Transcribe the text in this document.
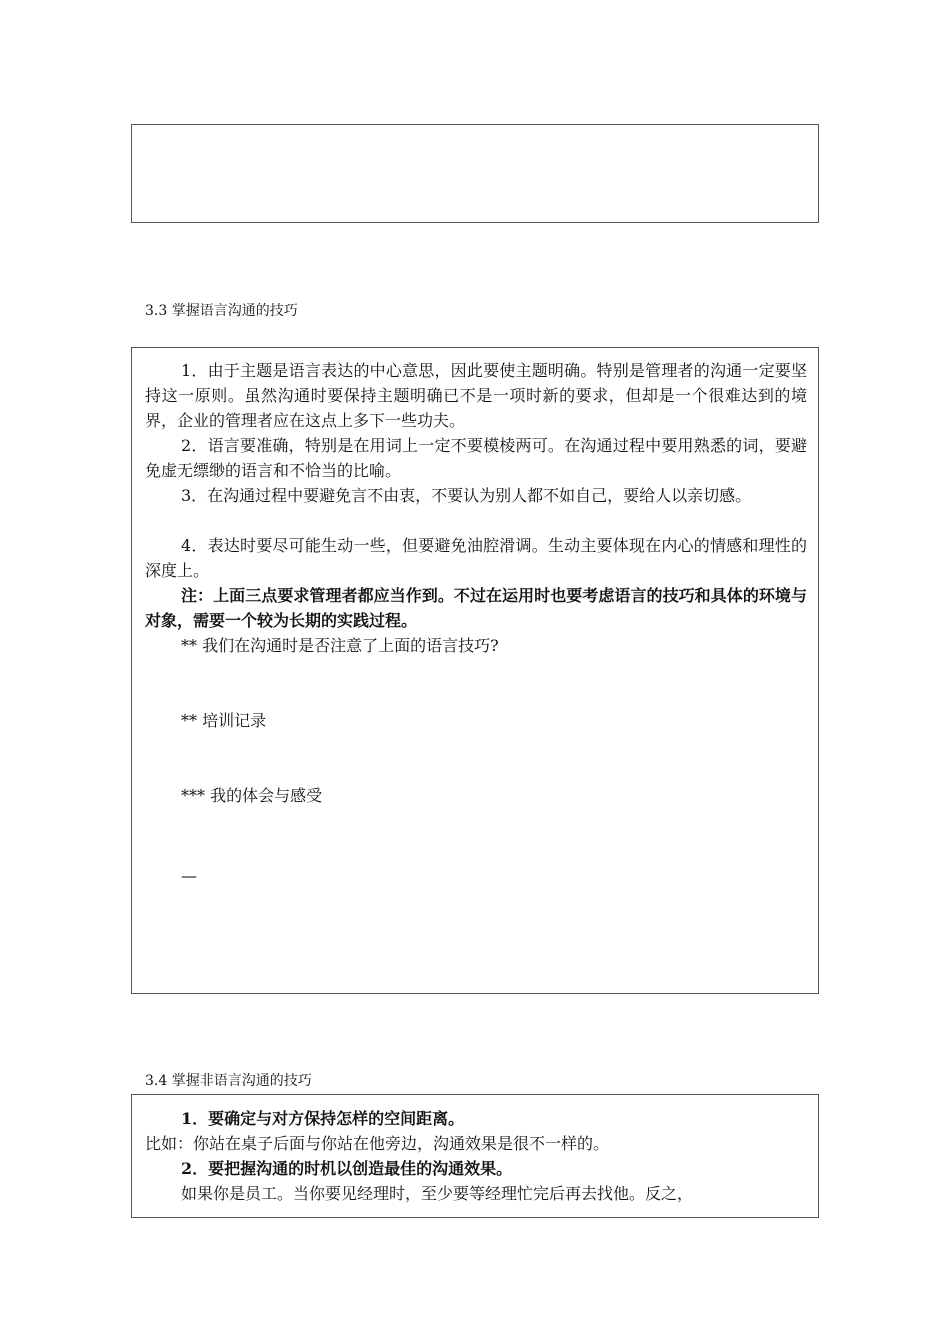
3.3 掌握语言沟通的技巧

1．由于主题是语言表达的中心意思，因此要使主题明确。特别是管理者的沟通一定要坚持这一原则。虽然沟通时要保持主题明确已不是一项时新的要求，但却是一个很难达到的境界，企业的管理者应在这点上多下一些功夫。

2．语言要准确，特别是在用词上一定不要模棱两可。在沟通过程中要用熟悉的词，要避免虚无缥缈的语言和不恰当的比喻。

3．在沟通过程中要避免言不由衷，不要认为别人都不如自己，要给人以亲切感。

4．表达时要尽可能生动一些，但要避免油腔滑调。生动主要体现在内心的情感和理性的深度上。

注：上面三点要求管理者都应当作到。不过在运用时也要考虑语言的技巧和具体的环境与对象，需要一个较为长期的实践过程。

** 我们在沟通时是否注意了上面的语言技巧?
** 培训记录
*** 我的体会与感受
—
3.4 掌握非语言沟通的技巧
1．要确定与对方保持怎样的空间距离。
比如：你站在桌子后面与你站在他旁边，沟通效果是很不一样的。
2．要把握沟通的时机以创造最佳的沟通效果。
如果你是员工。当你要见经理时，至少要等经理忙完后再去找他。反之，
